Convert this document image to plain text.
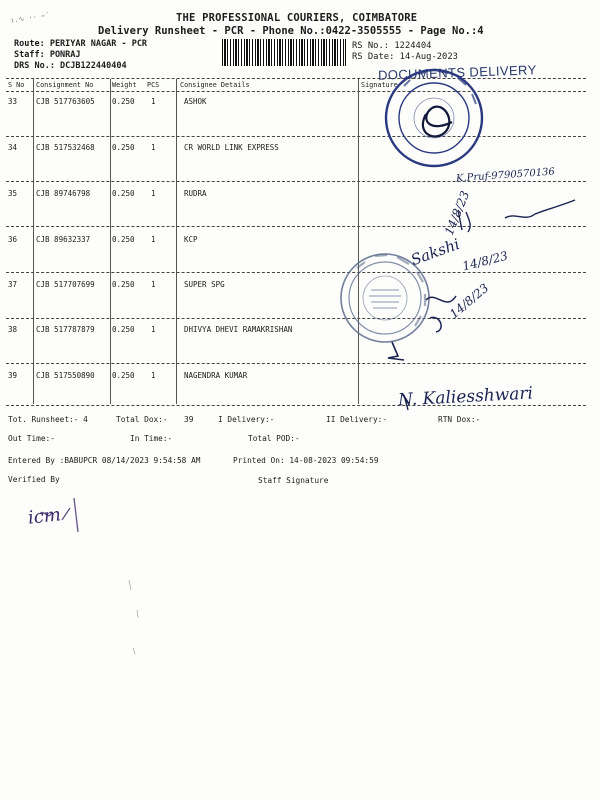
ι.∿ ·· ~´	THE PROFESSIONAL COURIERS, COIMBATORE
Delivery Runsheet - PCR - Phone No.:0422-3505555 - Page No.:4
Route: PERIYAR NAGAR - PCR
Staff: PONRAJ
DRS No.: DCJB122440404
RS No.: 1224404
RS Date: 14-Aug-2023
DOCUMENTS DELIVERY
S No Consignment No	Weight PCS	Consignee Details	Signature
33	CJB 517763605 0.250 1	ASHOK
34	CJB 517532468 0.250 1	CR WORLD LINK EXPRESS
35	CJB 89746798	0.250 1	RUDRA
36	CJB 89632337	0.250 1	KCP
37	CJB 517707699 0.250 1	SUPER SPG
38	CJB 517787879 0.250 1	DHIVYA DHEVI RAMAKRISHAN
39	CJB 517550890 0.250 1	NAGENDRA KUMAR
K.Pruf-9790570136
14/8/23
Sakshi
14/8/23
14/8/23
N. Kaliesshwari
Tot. Runsheet:- 4	Total Dox:- 39	I Delivery:-	II Delivery:-	RTN Dox:-
Out Time:-	In Time:-	Total POD:-
Entered By :BABUPCR 08/14/2023 9:54:58 AM	Printed On: 14-08-2023 09:54:59
Verified By	Staff Signature
icm
